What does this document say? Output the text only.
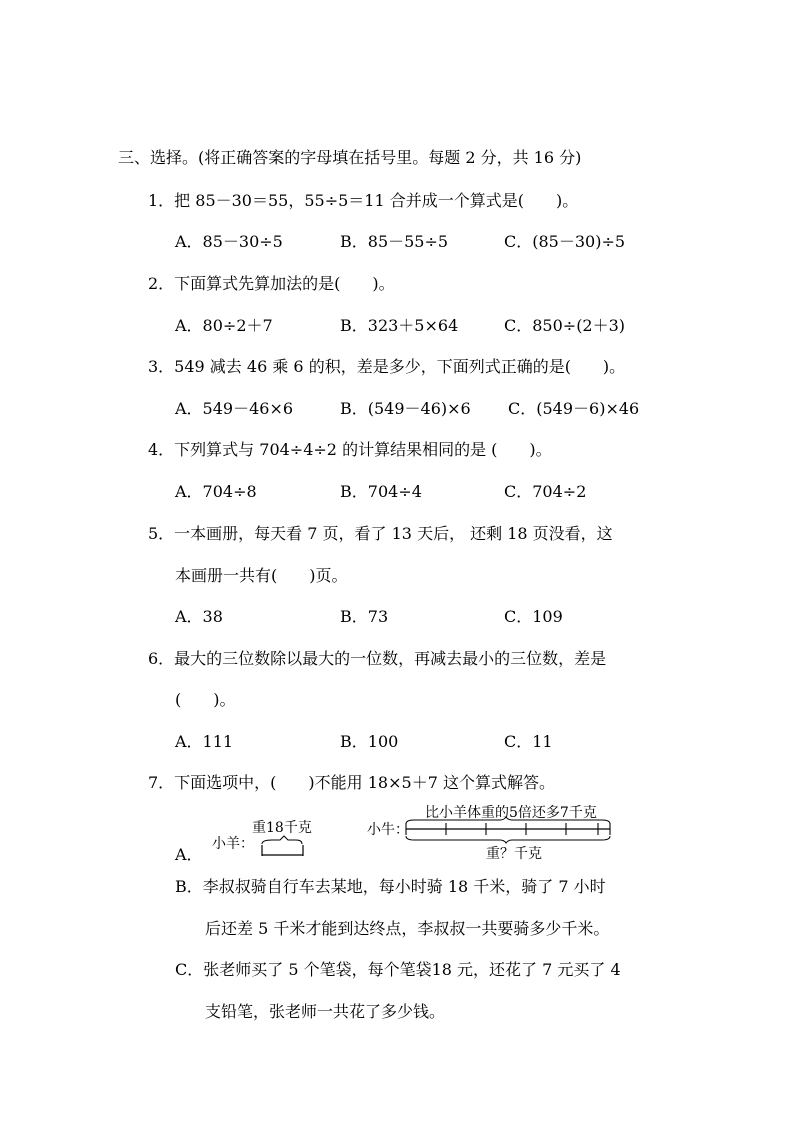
三、选择。(将正确答案的字母填在括号里。每题 2 分，共 16 分)
1．把 85－30＝55，55÷5＝11 合并成一个算式是(　　)。
A．85－30÷5	B．85－55÷5	C．(85－30)÷5
2．下面算式先算加法的是(　　)。
A．80÷2＋7	B．323＋5×64	C．850÷(2＋3)
3．549 减去 46 乘 6 的积，差是多少，下面列式正确的是(　　)。
A．549－46×6	B．(549－46)×6 C．(549－6)×46
4．下列算式与 704÷4÷2 的计算结果相同的是 (　　)。
A．704÷8	B．704÷4	C．704÷2
5．一本画册，每天看 7 页，看了 13 天后， 还剩 18 页没看，这
本画册一共有(　　)页。
A．38	B．73	C．109
6．最大的三位数除以最大的一位数，再减去最小的三位数，差是
(　　)。
A．111	B．100	C．11
7．下面选项中，(　　)不能用 18×5＋7 这个算式解答。
A．
小羊：
重18千克	小牛：
比小羊体重的5倍还多7千克
重？千克
B．李叔叔骑自行车去某地，每小时骑 18 千米，骑了 7 小时
后还差 5 千米才能到达终点，李叔叔一共要骑多少千米。
C．张老师买了 5 个笔袋，每个笔袋18 元，还花了 7 元买了 4
支铅笔，张老师一共花了多少钱。
